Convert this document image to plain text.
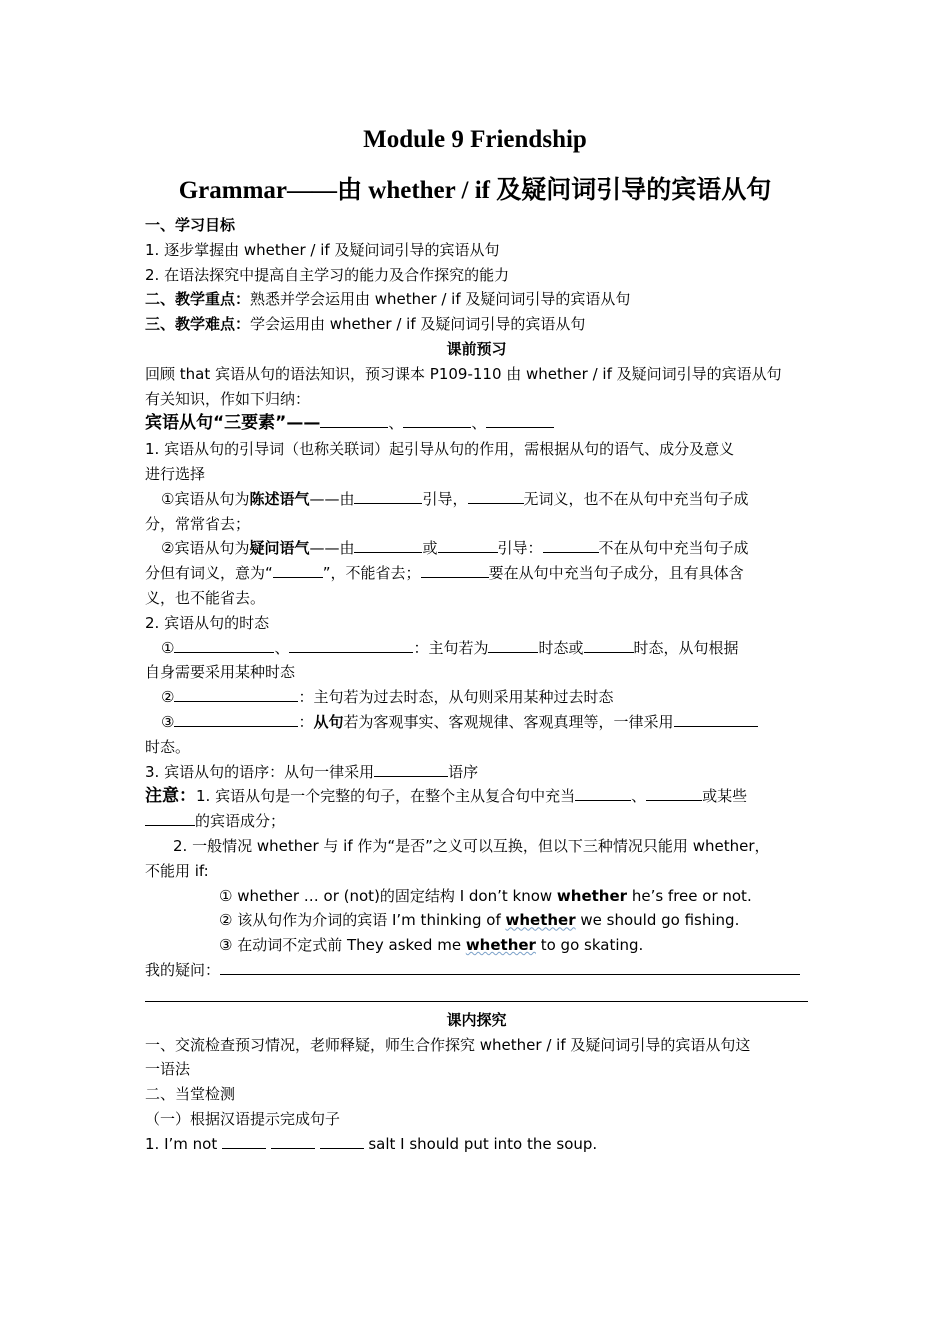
Module 9 Friendship
Grammar——由 whether / if 及疑问词引导的宾语从句
一、学习目标
1. 逐步掌握由 whether / if 及疑问词引导的宾语从句
2. 在语法探究中提高自主学习的能力及合作探究的能力
二、教学重点：熟悉并学会运用由 whether / if 及疑问词引导的宾语从句
三、教学难点：学会运用由 whether / if 及疑问词引导的宾语从句
课前预习
回顾 that 宾语从句的语法知识，预习课本 P109-110 由 whether / if 及疑问词引导的宾语从句
有关知识，作如下归纳：
宾语从句“三要素”——	、	、
1. 宾语从句的引导词（也称关联词）起引导从句的作用，需根据从句的语气、成分及意义
进行选择
①宾语从句为陈述语气——由	引导，	无词义，也不在从句中充当句子成
分，常常省去；
②宾语从句为疑问语气——由	或	引导：	不在从句中充当句子成
分但有词义，意为“	”，不能省去；	要在从句中充当句子成分，且有具体含
义，也不能省去。
2. 宾语从句的时态
①	、	：主句若为	时态或	时态，从句根据
自身需要采用某种时态
②	：主句若为过去时态，从句则采用某种过去时态
③	：从句若为客观事实、客观规律、客观真理等，一律采用
时态。
3. 宾语从句的语序：从句一律采用	语序
注意：1. 宾语从句是一个完整的句子，在整个主从复合句中充当	、	或某些
的宾语成分；
2. 一般情况 whether 与 if 作为“是否”之义可以互换，但以下三种情况只能用 whether，
不能用 if:
① whether … or (not)的固定结构 I don’t know whether he’s free or not.
② 该从句作为介词的宾语 I’m thinking of whether we should go fishing.
③ 在动词不定式前 They asked me whether to go skating.
我的疑问：
课内探究
一、交流检查预习情况，老师释疑，师生合作探究 whether / if 及疑问词引导的宾语从句这
一语法
二、当堂检测
（一）根据汉语提示完成句子
1. I’m not	salt I should put into the soup.
